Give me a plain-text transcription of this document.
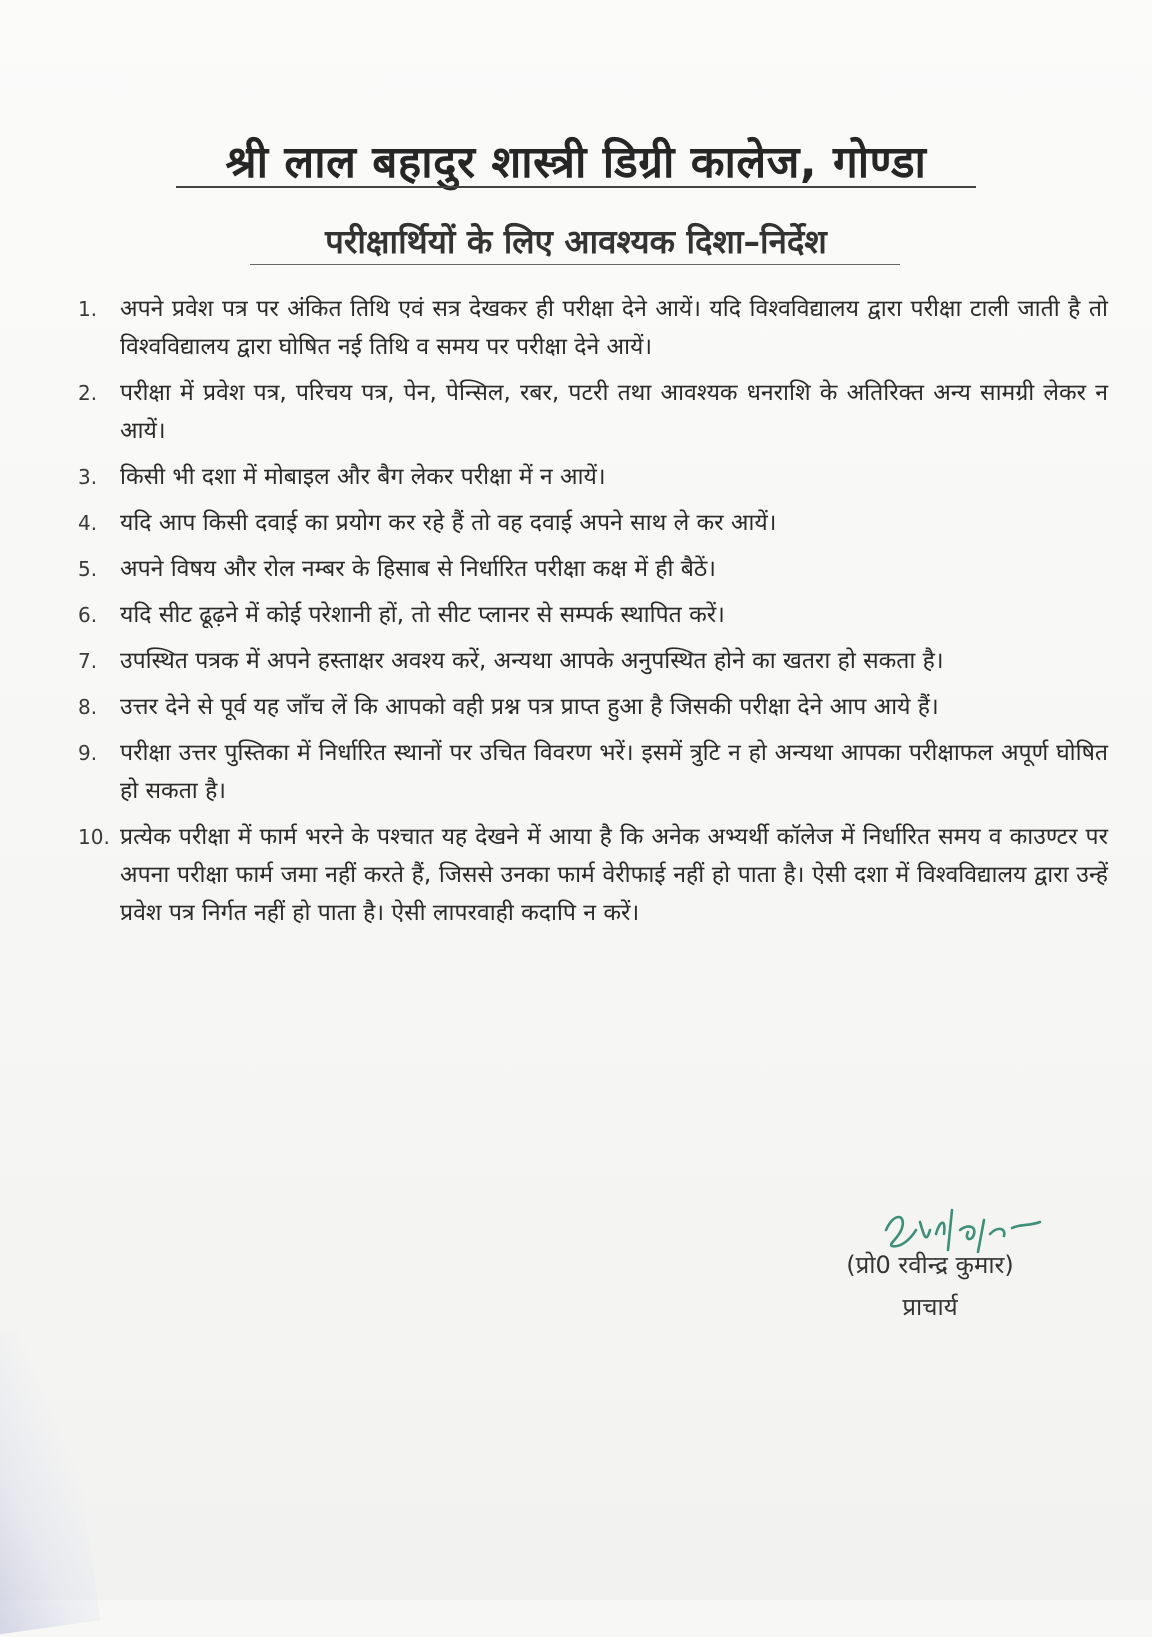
श्री लाल बहादुर शास्त्री डिग्री कालेज, गोण्डा
परीक्षार्थियों के लिए आवश्यक दिशा–निर्देश
1. अपने प्रवेश पत्र पर अंकित तिथि एवं सत्र देखकर ही परीक्षा देने आयें। यदि विश्वविद्यालय द्वारा परीक्षा टाली जाती है तो विश्वविद्यालय द्वारा घोषित नई तिथि व समय पर परीक्षा देने आयें।
2. परीक्षा में प्रवेश पत्र, परिचय पत्र, पेन, पेन्सिल, रबर, पटरी तथा आवश्यक धनराशि के अतिरिक्त अन्य सामग्री लेकर न आयें।
3. किसी भी दशा में मोबाइल और बैग लेकर परीक्षा में न आयें।
4. यदि आप किसी दवाई का प्रयोग कर रहे हैं तो वह दवाई अपने साथ ले कर आयें।
5. अपने विषय और रोल नम्बर के हिसाब से निर्धारित परीक्षा कक्ष में ही बैठें।
6. यदि सीट ढूढ़ने में कोई परेशानी हों, तो सीट प्लानर से सम्पर्क स्थापित करें।
7. उपस्थित पत्रक में अपने हस्ताक्षर अवश्य करें, अन्यथा आपके अनुपस्थित होने का खतरा हो सकता है।
8. उत्तर देने से पूर्व यह जाँच लें कि आपको वही प्रश्न पत्र प्राप्त हुआ है जिसकी परीक्षा देने आप आये हैं।
9. परीक्षा उत्तर पुस्तिका में निर्धारित स्थानों पर उचित विवरण भरें। इसमें त्रुटि न हो अन्यथा आपका परीक्षाफल अपूर्ण घोषित हो सकता है।
10. प्रत्येक परीक्षा में फार्म भरने के पश्चात यह देखने में आया है कि अनेक अभ्यर्थी कॉलेज में निर्धारित समय व काउण्टर पर अपना परीक्षा फार्म जमा नहीं करते हैं, जिससे उनका फार्म वेरीफाई नहीं हो पाता है। ऐसी दशा में विश्वविद्यालय द्वारा उन्हें प्रवेश पत्र निर्गत नहीं हो पाता है। ऐसी लापरवाही कदापि न करें।
(प्रो0 रवीन्द्र कुमार)
प्राचार्य
